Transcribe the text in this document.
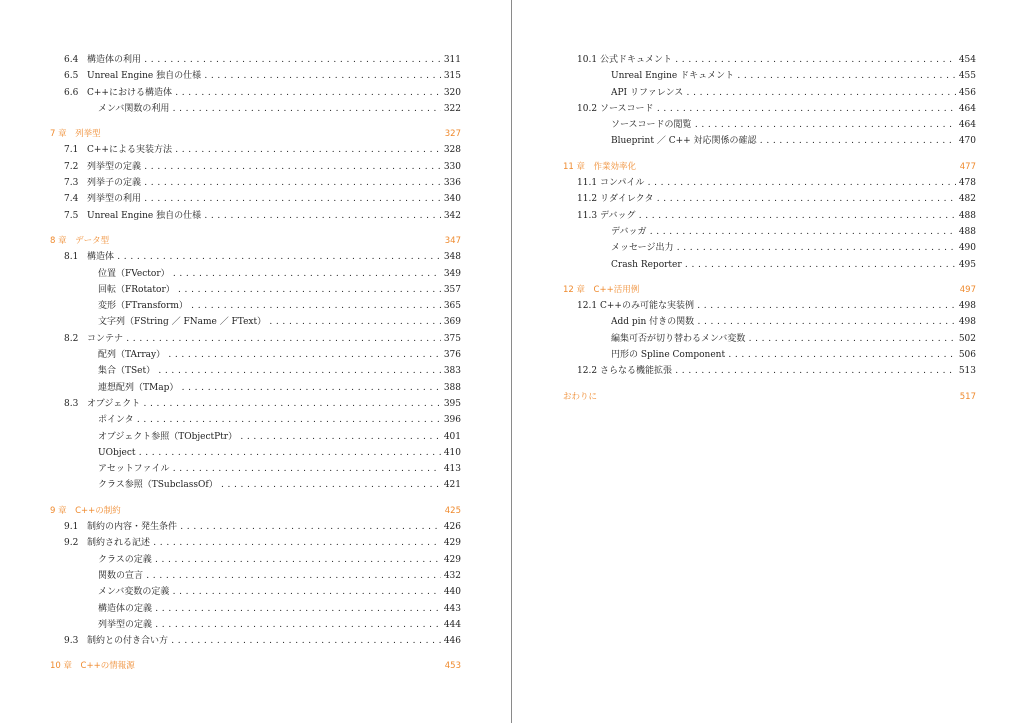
6.4 構造体の利用 . . .	311
6.5 Unreal Engine 独自の仕様 . . .	315
6.6 C++における構造体 . . .	320
メンバ関数の利用 . . .	322
7 章　列挙型	327
7.1 C++による実装方法 . . .	328
7.2 列挙型の定義 . . .	330
7.3 列挙子の定義 . . .	336
7.4 列挙型の利用 . . .	340
7.5 Unreal Engine 独自の仕様 . . .	342
8 章　データ型	347
8.1 構造体 . . .	348
位置（FVector） . . .	349
回転（FRotator） . . .	357
変形（FTransform） . . .	365
文字列（FString ／ FName ／ FText） . . .	369
8.2 コンテナ . . .	375
配列（TArray） . . .	376
集合（TSet） . . .	383
連想配列（TMap） . . .	388
8.3 オブジェクト . . .	395
ポインタ . . .	396
オブジェクト参照（TObjectPtr） . . .	401
UObject . . .	410
アセットファイル . . .	413
クラス参照（TSubclassOf） . . .	421
9 章　C++の制約	425
9.1 制約の内容・発生条件 . . .	426
9.2 制約される記述 . . .	429
クラスの定義 . . .	429
関数の宣言 . . .	432
メンバ変数の定義 . . .	440
構造体の定義 . . .	443
列挙型の定義 . . .	444
9.3 制約との付き合い方 . . .	446
10 章　C++の情報源	453
10.1 公式ドキュメント . . .	454
Unreal Engine ドキュメント . . .	455
API リファレンス . . .	456
10.2 ソースコード . . .	464
ソースコードの閲覧 . . .	464
Blueprint ／ C++ 対応関係の確認 . . .	470
11 章　作業効率化	477
11.1 コンパイル . . .	478
11.2 リダイレクタ . . .	482
11.3 デバッグ . . .	488
デバッガ . . .	488
メッセージ出力 . . .	490
Crash Reporter . . .	495
12 章　C++活用例	497
12.1 C++のみ可能な実装例 . . .	498
Add pin 付きの関数 . . .	498
編集可否が切り替わるメンバ変数 . . .	502
円形の Spline Component . . .	506
12.2 さらなる機能拡張 . . .	513
おわりに	517
